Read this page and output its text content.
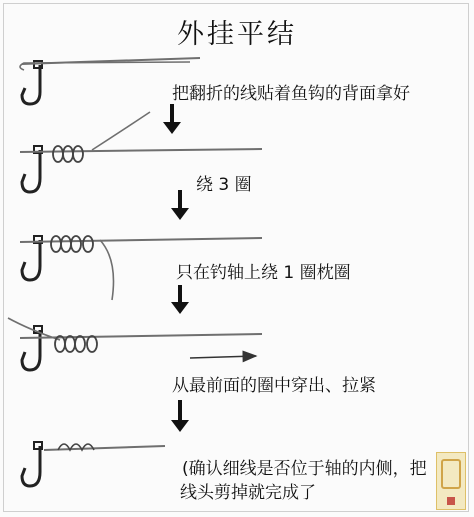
外挂平结
把翻折的线贴着鱼钩的背面拿好
绕 3 圈
只在钓轴上绕 1 圈枕圈
从最前面的圈中穿出、拉紧
(确认细线是否位于轴的内侧，把
线头剪掉就完成了
